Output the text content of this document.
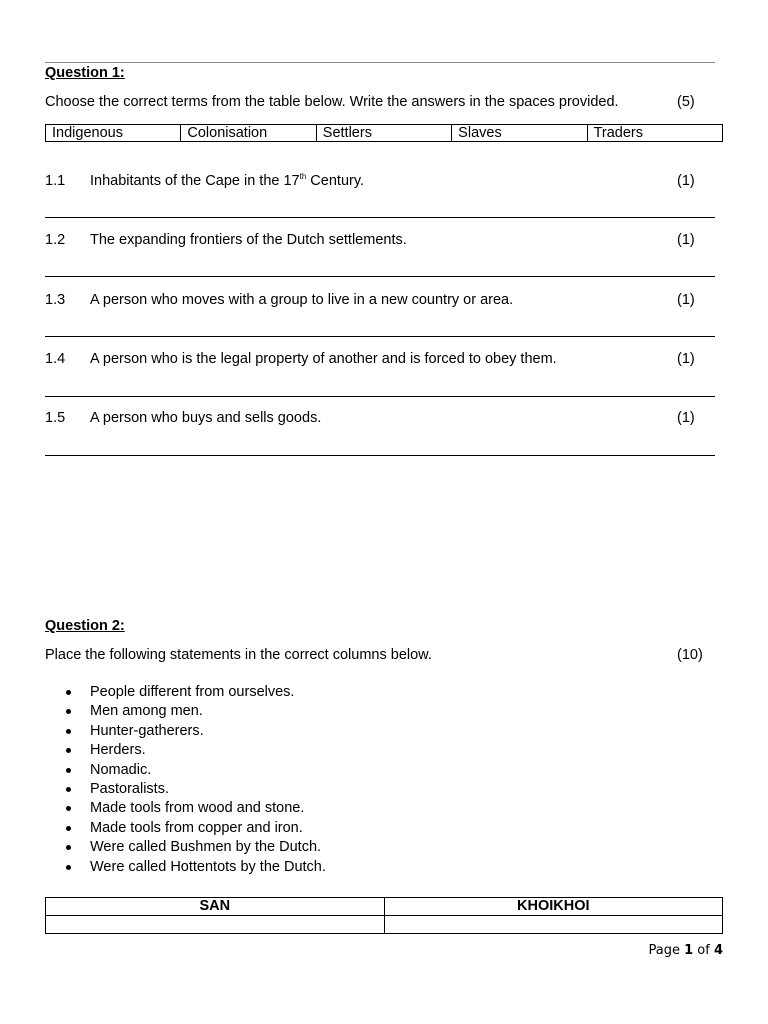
Question 1:
Choose the correct terms from the table below. Write the answers in the spaces provided.	(5)
Indigenous	Colonisation	Settlers	Slaves	Traders
1.1 Inhabitants of the Cape in the 17th Century.	(1)
1.2 The expanding frontiers of the Dutch settlements.	(1)
1.3 A person who moves with a group to live in a new country or area.	(1)
1.4 A person who is the legal property of another and is forced to obey them.	(1)
1.5 A person who buys and sells goods.	(1)
Question 2:
Place the following statements in the correct columns below.	(10)
People different from ourselves.
Men among men.
Hunter-gatherers.
Herders.
Nomadic.
Pastoralists.
Made tools from wood and stone.
Made tools from copper and iron.
Were called Bushmen by the Dutch.
Were called Hottentots by the Dutch.
SAN	KHOIKHOI

Page 1 of 4
